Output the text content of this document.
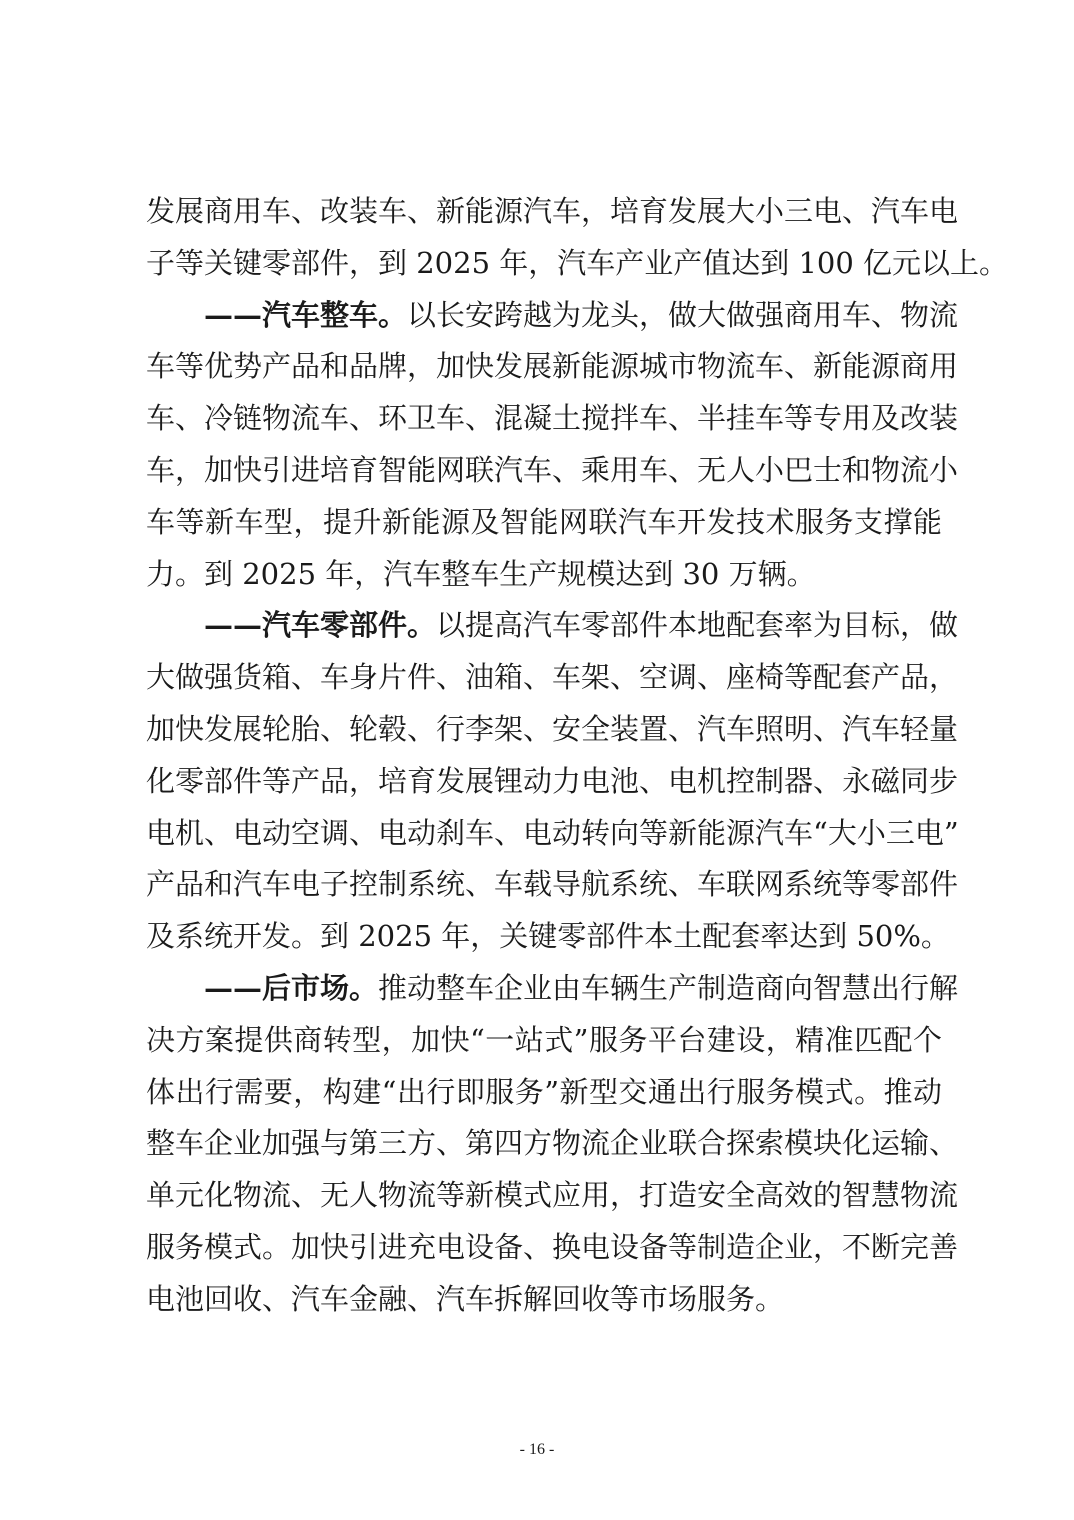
发展商用车、改装车、新能源汽车，培育发展大小三电、汽车电
子等关键零部件，到 2025 年，汽车产业产值达到 100 亿元以上。
——汽车整车。以长安跨越为龙头，做大做强商用车、物流
车等优势产品和品牌，加快发展新能源城市物流车、新能源商用
车、冷链物流车、环卫车、混凝土搅拌车、半挂车等专用及改装
车，加快引进培育智能网联汽车、乘用车、无人小巴士和物流小
车等新车型，提升新能源及智能网联汽车开发技术服务支撑能
力。到 2025 年，汽车整车生产规模达到 30 万辆。
——汽车零部件。以提高汽车零部件本地配套率为目标，做
大做强货箱、车身片件、油箱、车架、空调、座椅等配套产品，
加快发展轮胎、轮毂、行李架、安全装置、汽车照明、汽车轻量
化零部件等产品，培育发展锂动力电池、电机控制器、永磁同步
电机、电动空调、电动刹车、电动转向等新能源汽车“大小三电”
产品和汽车电子控制系统、车载导航系统、车联网系统等零部件
及系统开发。到 2025 年，关键零部件本土配套率达到 50%。
——后市场。推动整车企业由车辆生产制造商向智慧出行解
决方案提供商转型，加快“一站式”服务平台建设，精准匹配个
体出行需要，构建“出行即服务”新型交通出行服务模式。推动
整车企业加强与第三方、第四方物流企业联合探索模块化运输、
单元化物流、无人物流等新模式应用，打造安全高效的智慧物流
服务模式。加快引进充电设备、换电设备等制造企业，不断完善
电池回收、汽车金融、汽车拆解回收等市场服务。
- 16 -
